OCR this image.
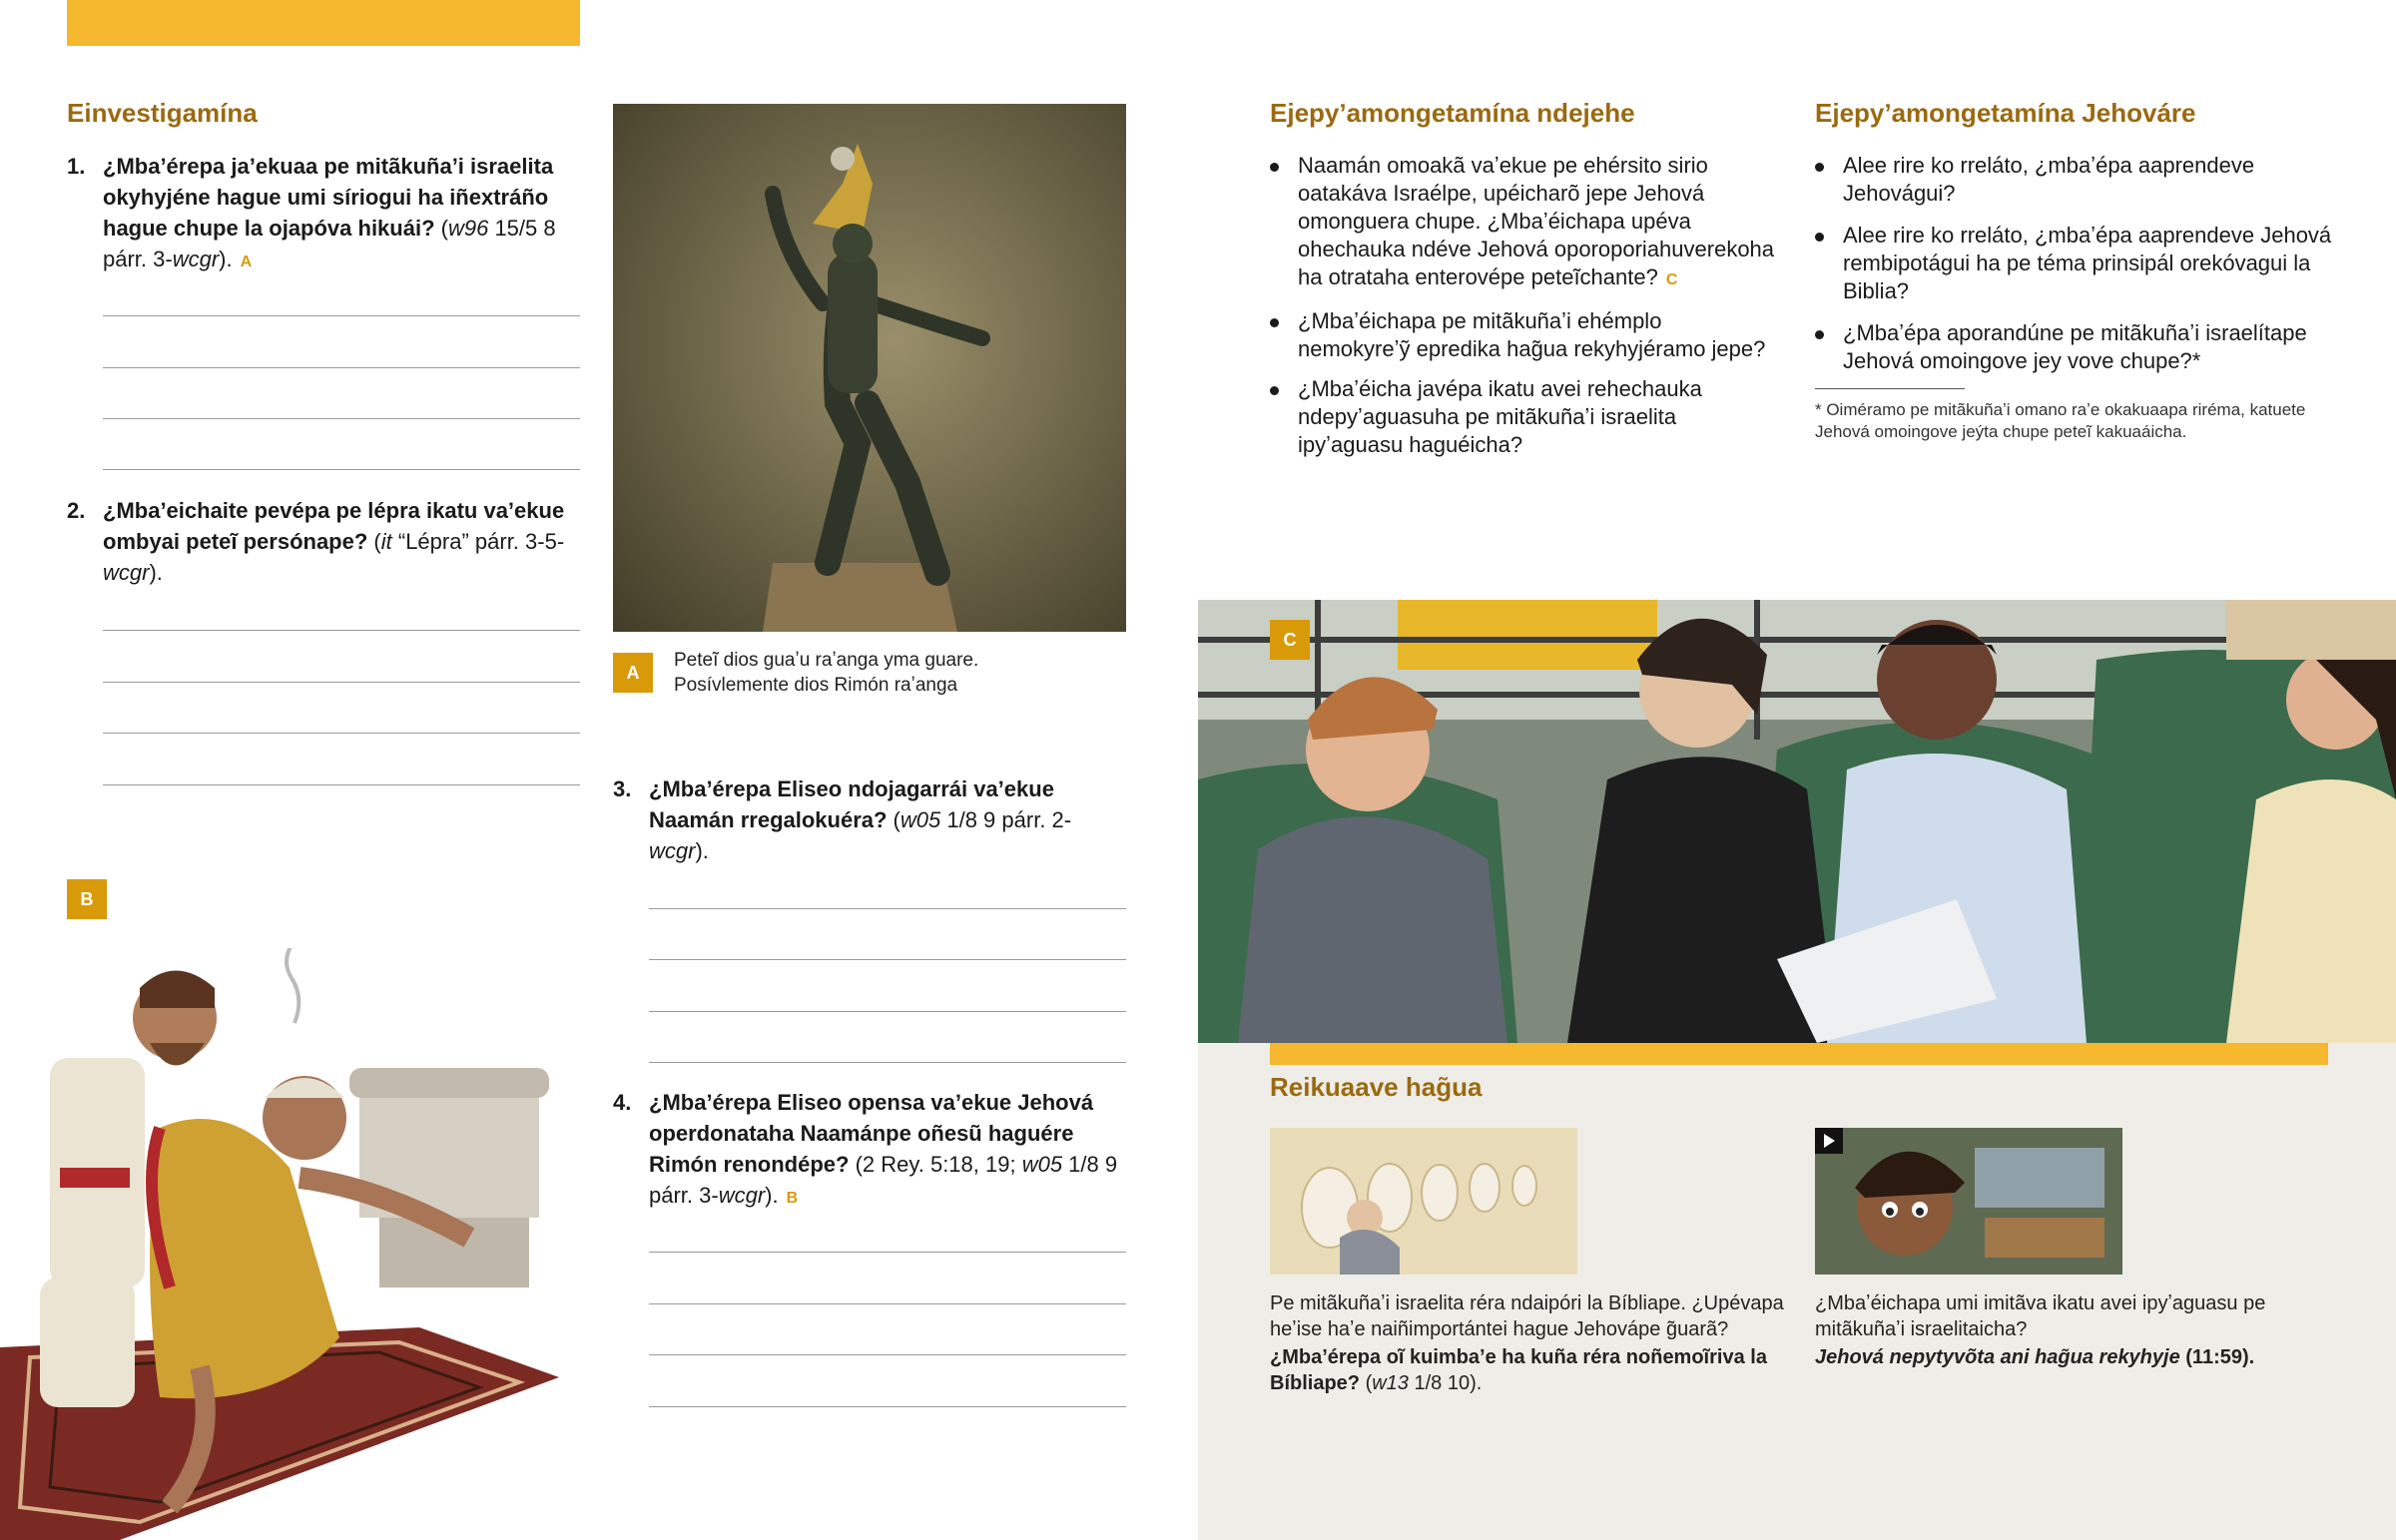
Einvestigamína
1. ¿Mbaʼérepa jaʼekuaa pe mitãkuñaʼi israelita okyhyjéne hague umi síriogui ha iñextráño hague chupe la ojapóva hikuái? (w96 15/5 8 párr. 3-wcgr). A
2. ¿Mbaʼeichaite pevépa pe lépra ikatu vaʼekue ombyai peteĩ persónape? (it “Lépra” párr. 3-5-wcgr).
B
A
Peteĩ dios guaʼu raʼanga yma guare.
Posívlemente dios Rimón raʼanga
3. ¿Mbaʼérepa Eliseo ndojagarrái vaʼekue Naamán rregalokuéra? (w05 1/8 9 párr. 2-wcgr).
4. ¿Mbaʼérepa Eliseo opensa vaʼekue Jehová operdonataha Naamánpe oñesũ haguére Rimón renondépe? (2 Rey. 5:18, 19; w05 1/8 9 párr. 3-wcgr). B
Ejepyʼamongetamína ndejehe
Naamán omoakã vaʼekue pe ehérsito sirio oatakáva Israélpe, upéicharõ jepe Jehová omonguera chupe. ¿Mbaʼéichapa upéva ohechauka ndéve Jehová oporoporiahuverekoha ha otrataha enterovépe peteĩchante? C
¿Mbaʼéichapa pe mitãkuñaʼi ehémplo nemokyreʼỹ epredika hag̃ua rekyhyjéramo jepe?
¿Mbaʼéicha javépa ikatu avei rehechauka ndepyʼaguasuha pe mitãkuñaʼi israelita ipyʼaguasu haguéicha?
Ejepyʼamongetamína Jehováre
Alee rire ko rreláto, ¿mbaʼépa aaprendeve Jehovágui?
Alee rire ko rreláto, ¿mbaʼépa aaprendeve Jehová rembipotágui ha pe téma prinsipál orekóvagui la Biblia?
¿Mbaʼépa aporandúne pe mitãkuñaʼi israelítape Jehová omoingove jey vove chupe?*
* Oiméramo pe mitãkuñaʼi omano raʼe okakuaapa riréma, katuete Jehová omoingove jeýta chupe peteĩ kakuaáicha.
C
Reikuaave hag̃ua
Pe mitãkuñaʼi israelita réra ndaipóri la Bíbliape. ¿Upévapa heʼise haʼe naiñimportántei hague Jehovápe g̃uarã?
¿Mbaʼérepa oĩ kuimbaʼe ha kuña réra noñemoĩriva la Bíbliape? (w13 1/8 10).
¿Mbaʼéichapa umi imitãva ikatu avei ipyʼaguasu pe mitãkuñaʼi israelitaicha?
Jehová nepytyvõta ani hag̃ua rekyhyje (11:59).
